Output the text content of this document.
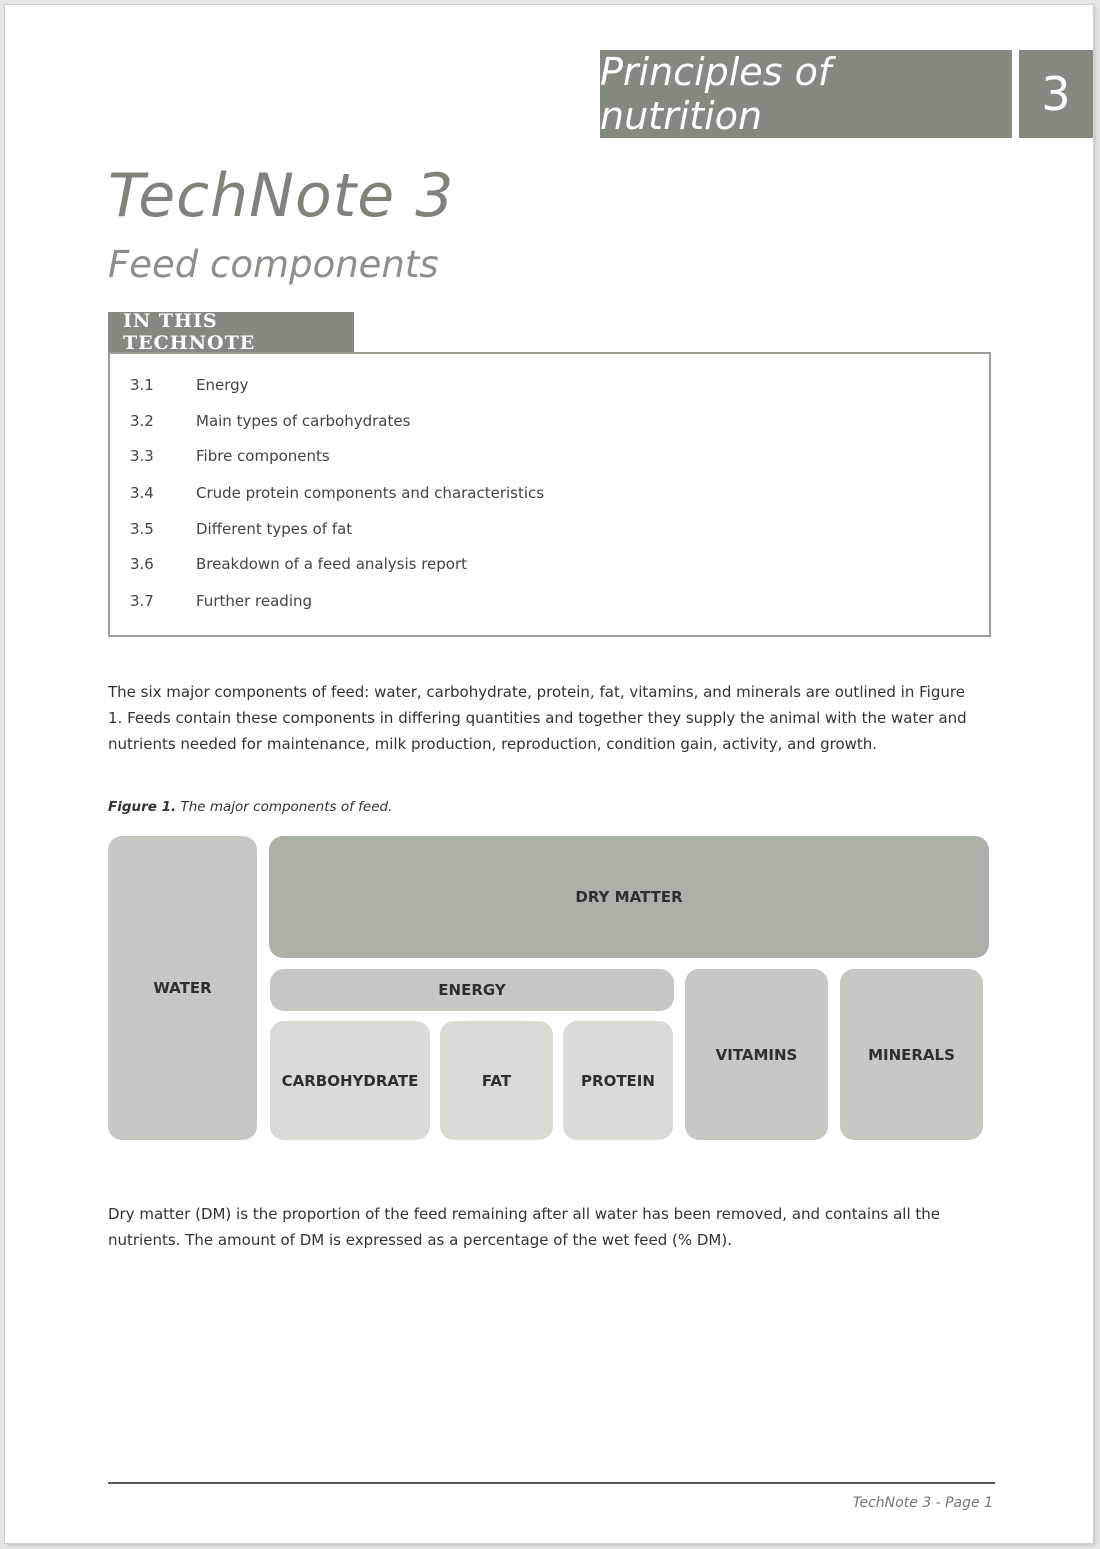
Principles of nutrition	3
TechNote 3
Feed components
IN THIS TECHNOTE
3.1	Energy
3.2	Main types of carbohydrates
3.3	Fibre components
3.4	Crude protein components and characteristics
3.5	Different types of fat
3.6	Breakdown of a feed analysis report
3.7	Further reading
The six major components of feed: water, carbohydrate, protein, fat, vitamins, and minerals are outlined in Figure 1. Feeds contain these components in differing quantities and together they supply the animal with the water and nutrients needed for maintenance, milk production, reproduction, condition gain, activity, and growth.
Figure 1. The major components of feed.
WATER
DRY MATTER
ENERGY
CARBOHYDRATE	FAT	PROTEIN
VITAMINS	MINERALS
Dry matter (DM) is the proportion of the feed remaining after all water has been removed, and contains all the nutrients. The amount of DM is expressed as a percentage of the wet feed (% DM).
TechNote 3 - Page 1
